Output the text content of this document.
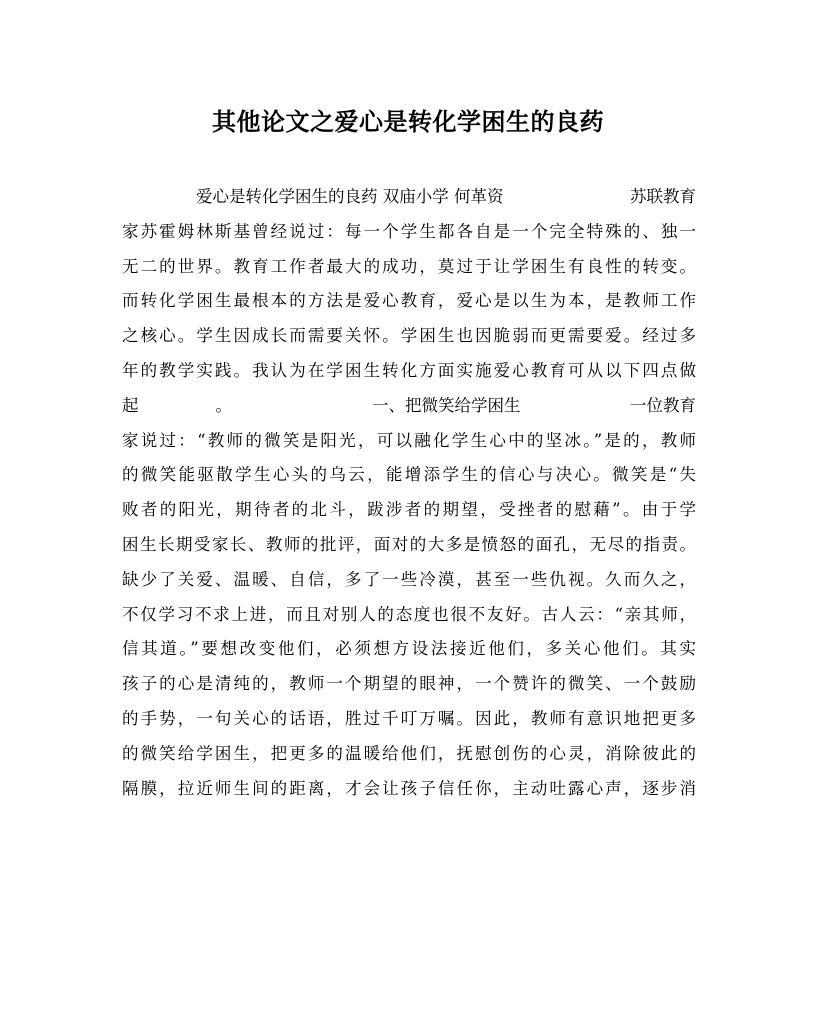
其他论文之爱心是转化学困生的良药
爱心是转化学困生的良药 双庙小学 何革资	苏联教育
家苏霍姆林斯基曾经说过：每一个学生都各自是一个完全特殊的、独一
无二的世界。教育工作者最大的成功，莫过于让学困生有良性的转变。
而转化学困生最根本的方法是爱心教育，爱心是以生为本，是教师工作
之核心。学生因成长而需要关怀。学困生也因脆弱而更需要爱。经过多
年的教学实践。我认为在学困生转化方面实施爱心教育可从以下四点做
起	。	一、把微笑给学困生	一位教育
家说过：“教师的微笑是阳光，可以融化学生心中的坚冰。”是的，教师
的微笑能驱散学生心头的乌云，能增添学生的信心与决心。微笑是“失
败者的阳光，期待者的北斗，跋涉者的期望，受挫者的慰藉”。由于学
困生长期受家长、教师的批评，面对的大多是愤怒的面孔，无尽的指责。
缺少了关爱、温暖、自信，多了一些冷漠，甚至一些仇视。久而久之，
不仅学习不求上进，而且对别人的态度也很不友好。古人云：“亲其师，
信其道。”要想改变他们，必须想方设法接近他们，多关心他们。其实
孩子的心是清纯的，教师一个期望的眼神，一个赞许的微笑、一个鼓励
的手势，一句关心的话语，胜过千叮万嘱。因此，教师有意识地把更多
的微笑给学困生，把更多的温暖给他们，抚慰创伤的心灵，消除彼此的
隔膜，拉近师生间的距离，才会让孩子信任你，主动吐露心声，逐步消
